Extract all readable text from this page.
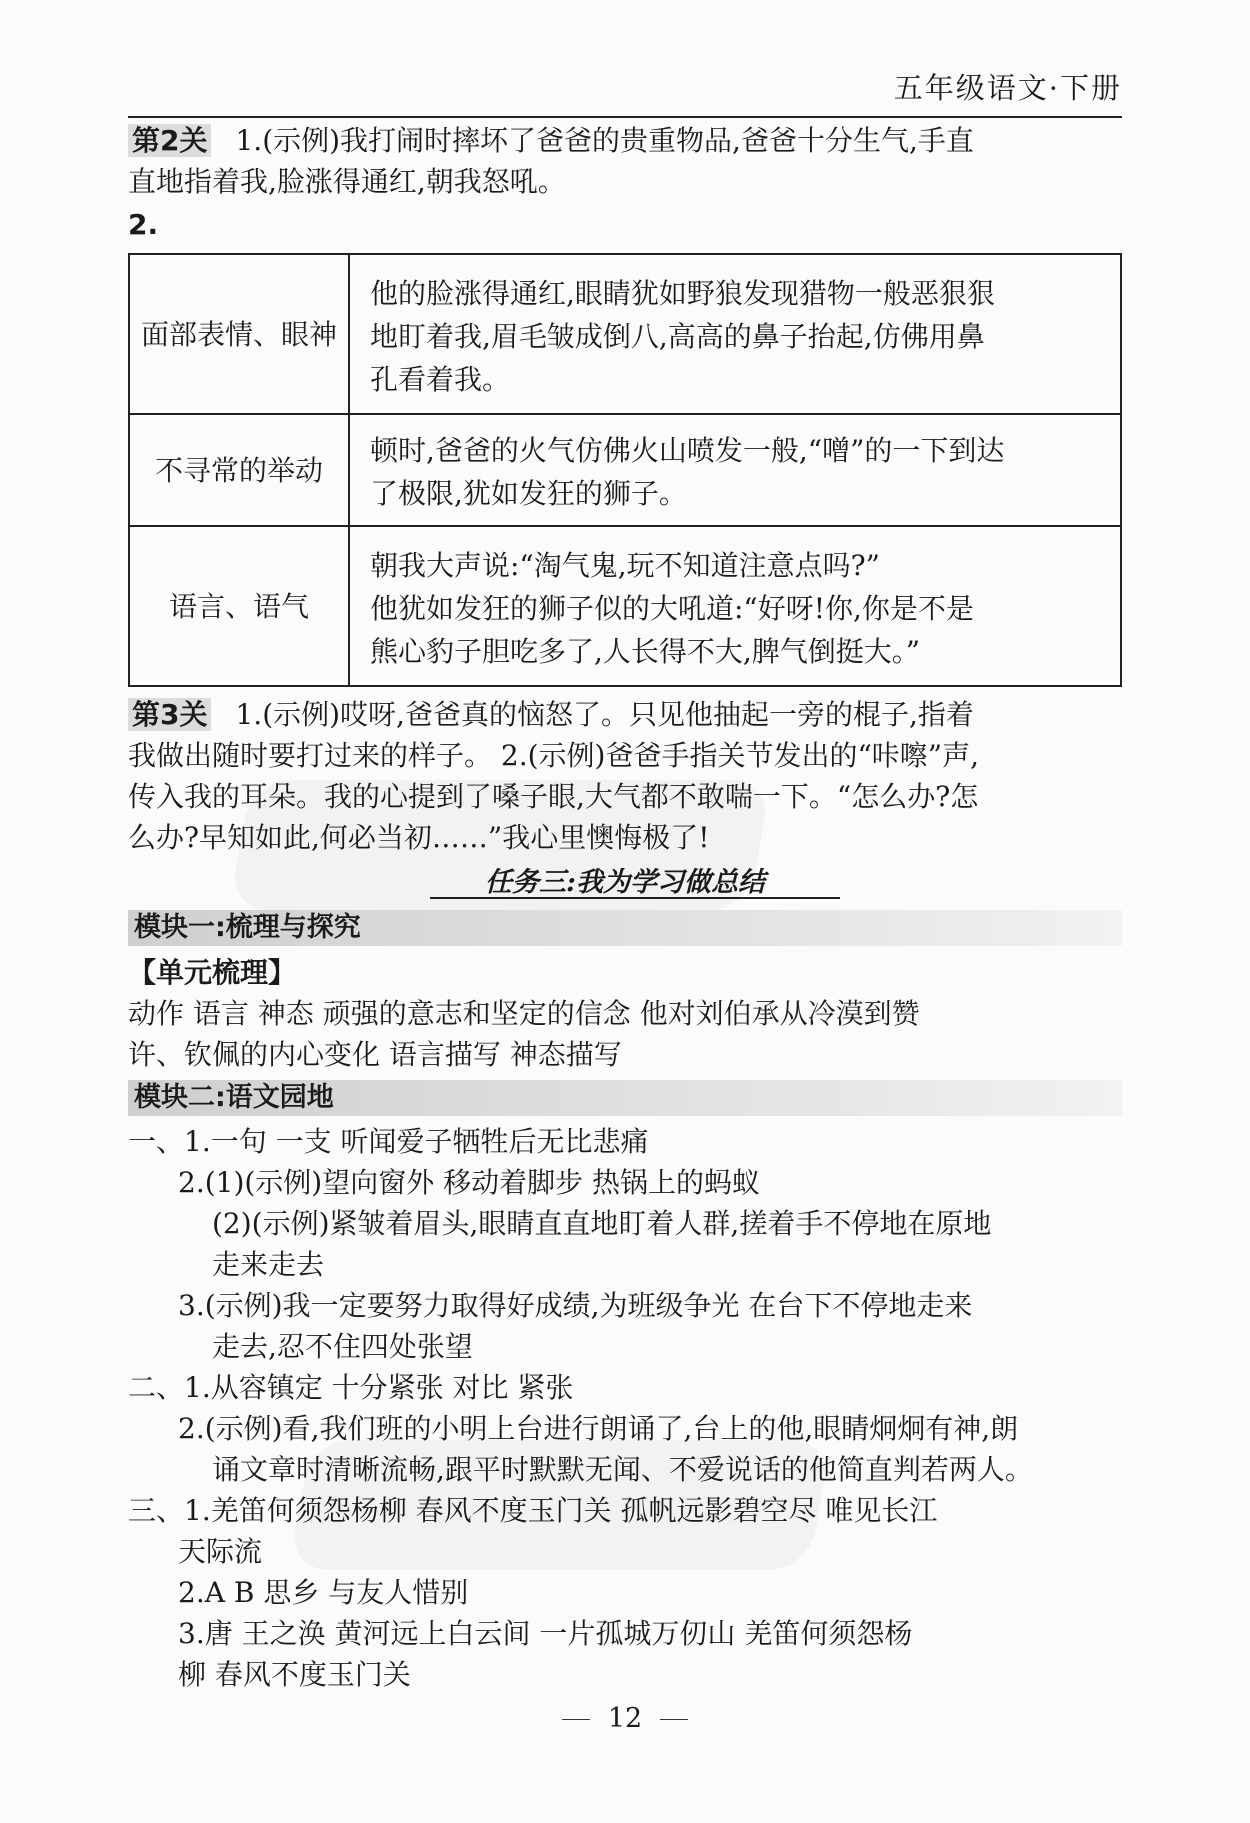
五年级语文·下册
第2关 1.(示例)我打闹时摔坏了爸爸的贵重物品,爸爸十分生气,手直
直地指着我,脸涨得通红,朝我怒吼。
2.
面部表情、眼神	他的脸涨得通红,眼睛犹如野狼发现猎物一般恶狠狠
地盯着我,眉毛皱成倒八,高高的鼻子抬起,仿佛用鼻
孔看着我。

不寻常的举动	顿时,爸爸的火气仿佛火山喷发一般,“噌”的一下到达
了极限,犹如发狂的狮子。

语言、语气	朝我大声说:“淘气鬼,玩不知道注意点吗?”
他犹如发狂的狮子似的大吼道:“好呀!你,你是不是
熊心豹子胆吃多了,人长得不大,脾气倒挺大。”
第3关 1.(示例)哎呀,爸爸真的恼怒了。只见他抽起一旁的棍子,指着
我做出随时要打过来的样子。 2.(示例)爸爸手指关节发出的“咔嚓”声,
传入我的耳朵。我的心提到了嗓子眼,大气都不敢喘一下。“怎么办?怎
么办?早知如此,何必当初……”我心里懊悔极了!
任务三:我为学习做总结
模块一:梳理与探究
【单元梳理】
动作 语言 神态 顽强的意志和坚定的信念 他对刘伯承从冷漠到赞
许、钦佩的内心变化 语言描写 神态描写
模块二:语文园地
一、1.一句 一支 听闻爱子牺牲后无比悲痛
2.(1)(示例)望向窗外 移动着脚步 热锅上的蚂蚁
(2)(示例)紧皱着眉头,眼睛直直地盯着人群,搓着手不停地在原地
走来走去
3.(示例)我一定要努力取得好成绩,为班级争光 在台下不停地走来
走去,忍不住四处张望
二、1.从容镇定 十分紧张 对比 紧张
2.(示例)看,我们班的小明上台进行朗诵了,台上的他,眼睛炯炯有神,朗
诵文章时清晰流畅,跟平时默默无闻、不爱说话的他简直判若两人。
三、1.羌笛何须怨杨柳 春风不度玉门关 孤帆远影碧空尽 唯见长江
天际流
2.A B 思乡 与友人惜别
3.唐 王之涣 黄河远上白云间 一片孤城万仞山 羌笛何须怨杨
柳 春风不度玉门关
12
